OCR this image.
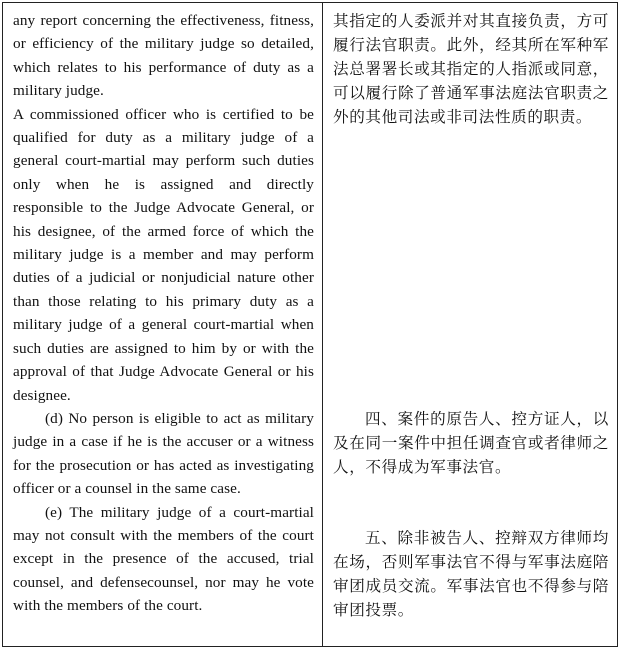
any report concerning the effectiveness, fitness, or efficiency of the military judge so detailed, which relates to his performance of duty as a military judge.

A commissioned officer who is certified to be qualified for duty as a military judge of a general court-martial may perform such duties only when he is assigned and directly responsible to the Judge Advocate General, or his designee, of the armed force of which the military judge is a member and may perform duties of a judicial or nonjudicial nature other than those relating to his primary duty as a military judge of a general court-martial when such duties are assigned to him by or with the approval of that Judge Advocate General or his designee.

(d) No person is eligible to act as military judge in a case if he is the accuser or a witness for the prosecution or has acted as investigating officer or a counsel in the same case.

(e) The military judge of a court-martial may not consult with the members of the court except in the presence of the accused, trial counsel, and defensecounsel, nor may he vote with the members of the court.

其指定的人委派并对其直接负责，方可履行法官职责。此外，经其所在军种军法总署署长或其指定的人指派或同意，可以履行除了普通军事法庭法官职责之外的其他司法或非司法性质的职责。

四、案件的原告人、控方证人，以及在同一案件中担任调查官或者律师之人，不得成为军事法官。

五、除非被告人、控辩双方律师均在场，否则军事法官不得与军事法庭陪审团成员交流。军事法官也不得参与陪审团投票。
